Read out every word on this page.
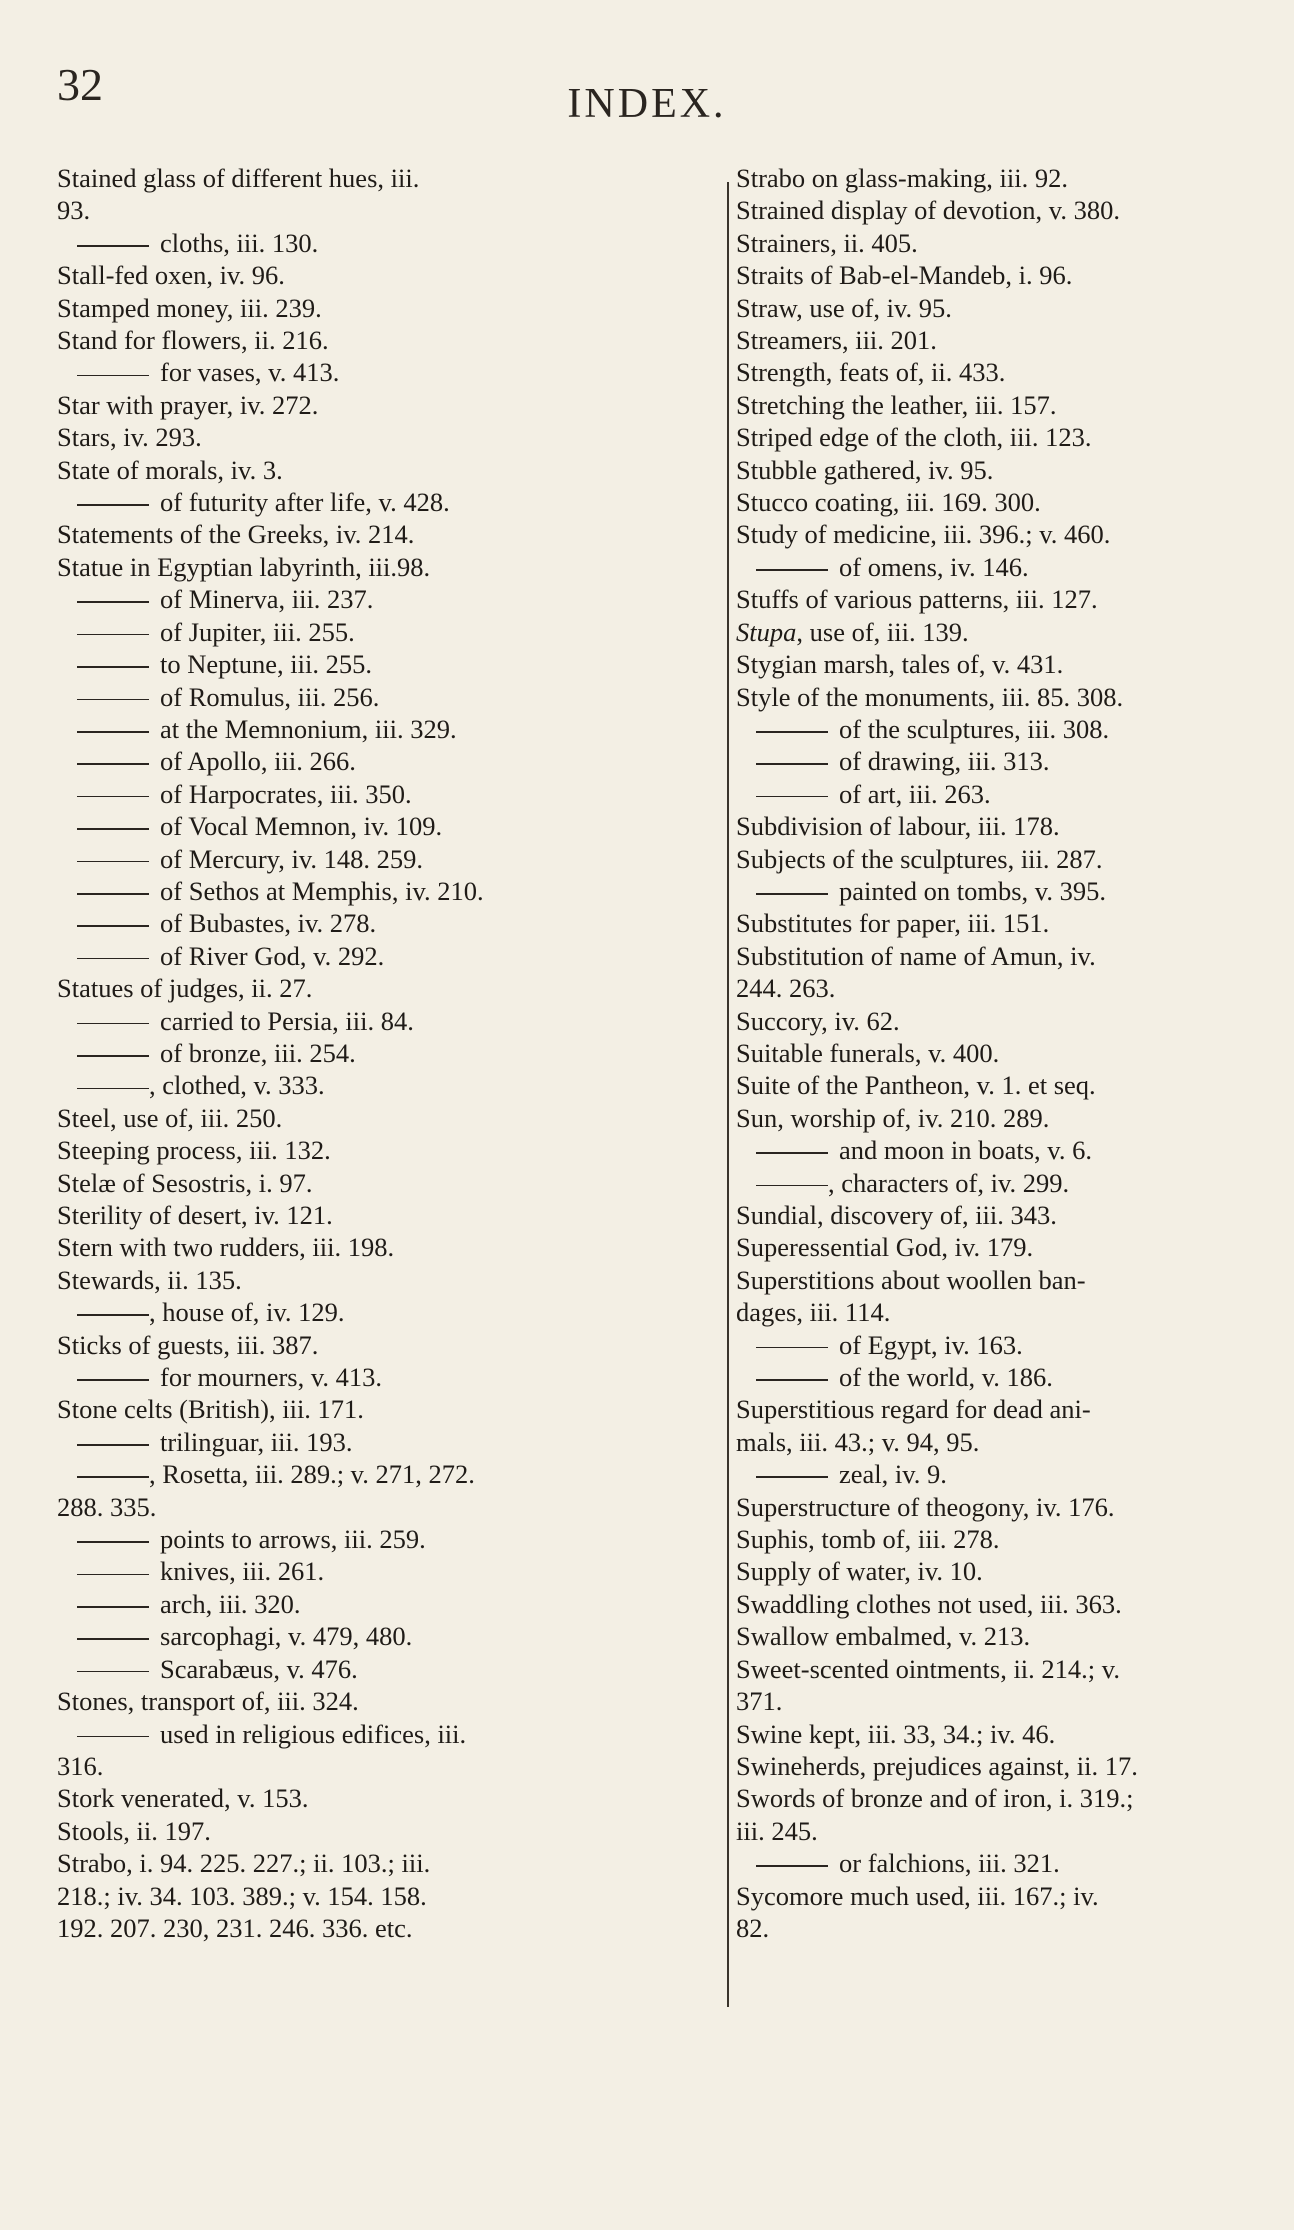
32	INDEX.
Stained glass of different hues, iii.
93.
cloths, iii. 130.
Stall-fed oxen, iv. 96.
Stamped money, iii. 239.
Stand for flowers, ii. 216.
for vases, v. 413.
Star with prayer, iv. 272.
Stars, iv. 293.
State of morals, iv. 3.
of futurity after life, v. 428.
Statements of the Greeks, iv. 214.
Statue in Egyptian labyrinth, iii.98.
of Minerva, iii. 237.
of Jupiter, iii. 255.
to Neptune, iii. 255.
of Romulus, iii. 256.
at the Memnonium, iii. 329.
of Apollo, iii. 266.
of Harpocrates, iii. 350.
of Vocal Memnon, iv. 109.
of Mercury, iv. 148. 259.
of Sethos at Memphis, iv. 210.
of Bubastes, iv. 278.
of River God, v. 292.
Statues of judges, ii. 27.
carried to Persia, iii. 84.
of bronze, iii. 254.
, clothed, v. 333.
Steel, use of, iii. 250.
Steeping process, iii. 132.
Stelæ of Sesostris, i. 97.
Sterility of desert, iv. 121.
Stern with two rudders, iii. 198.
Stewards, ii. 135.
, house of, iv. 129.
Sticks of guests, iii. 387.
for mourners, v. 413.
Stone celts (British), iii. 171.
trilinguar, iii. 193.
, Rosetta, iii. 289.; v. 271, 272.
288. 335.
points to arrows, iii. 259.
knives, iii. 261.
arch, iii. 320.
sarcophagi, v. 479, 480.
Scarabæus, v. 476.
Stones, transport of, iii. 324.
used in religious edifices, iii.
316.
Stork venerated, v. 153.
Stools, ii. 197.
Strabo, i. 94. 225. 227.; ii. 103.; iii.
218.; iv. 34. 103. 389.; v. 154. 158.
192. 207. 230, 231. 246. 336. etc.
Strabo on glass-making, iii. 92.
Strained display of devotion, v. 380.
Strainers, ii. 405.
Straits of Bab-el-Mandeb, i. 96.
Straw, use of, iv. 95.
Streamers, iii. 201.
Strength, feats of, ii. 433.
Stretching the leather, iii. 157.
Striped edge of the cloth, iii. 123.
Stubble gathered, iv. 95.
Stucco coating, iii. 169. 300.
Study of medicine, iii. 396.; v. 460.
of omens, iv. 146.
Stuffs of various patterns, iii. 127.
Stupa, use of, iii. 139.
Stygian marsh, tales of, v. 431.
Style of the monuments, iii. 85. 308.
of the sculptures, iii. 308.
of drawing, iii. 313.
of art, iii. 263.
Subdivision of labour, iii. 178.
Subjects of the sculptures, iii. 287.
painted on tombs, v. 395.
Substitutes for paper, iii. 151.
Substitution of name of Amun, iv.
244. 263.
Succory, iv. 62.
Suitable funerals, v. 400.
Suite of the Pantheon, v. 1. et seq.
Sun, worship of, iv. 210. 289.
and moon in boats, v. 6.
, characters of, iv. 299.
Sundial, discovery of, iii. 343.
Superessential God, iv. 179.
Superstitions about woollen ban-
dages, iii. 114.
of Egypt, iv. 163.
of the world, v. 186.
Superstitious regard for dead ani-
mals, iii. 43.; v. 94, 95.
zeal, iv. 9.
Superstructure of theogony, iv. 176.
Suphis, tomb of, iii. 278.
Supply of water, iv. 10.
Swaddling clothes not used, iii. 363.
Swallow embalmed, v. 213.
Sweet-scented ointments, ii. 214.; v.
371.
Swine kept, iii. 33, 34.; iv. 46.
Swineherds, prejudices against, ii. 17.
Swords of bronze and of iron, i. 319.;
iii. 245.
or falchions, iii. 321.
Sycomore much used, iii. 167.; iv.
82.
